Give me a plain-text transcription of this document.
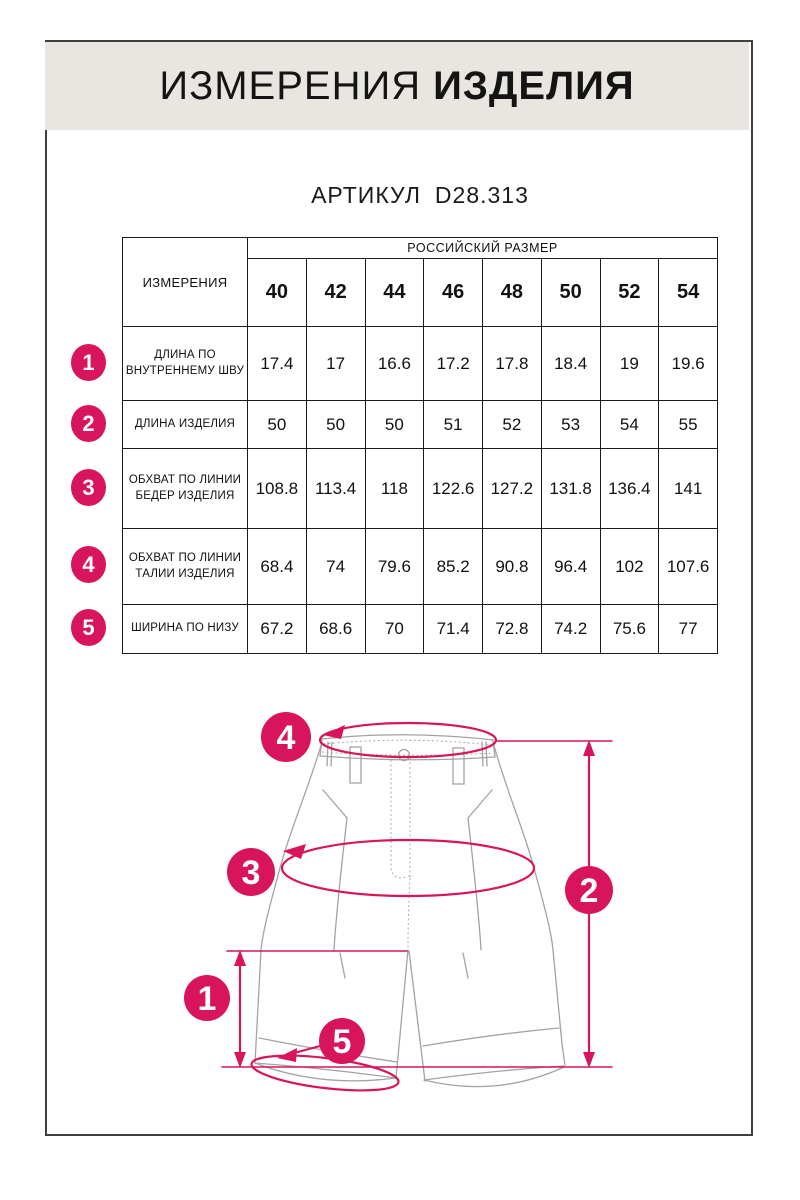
ИЗМЕРЕНИЯ ИЗДЕЛИЯ
АРТИКУЛ D28.313
ИЗМЕРЕНИЯ	РОССИЙСКИЙ РАЗМЕР							
	40	42	44	46	48	50	52	54
ДЛИНА ПО ВНУТРЕННЕМУ ШВУ	17.4	17	16.6	17.2	17.8	18.4	19	19.6
ДЛИНА ИЗДЕЛИЯ	50	50	50	51	52	53	54	55
ОБХВАТ ПО ЛИНИИ БЕДЕР ИЗДЕЛИЯ	108.8	113.4	118	122.6	127.2	131.8	136.4	141
ОБХВАТ ПО ЛИНИИ ТАЛИИ ИЗДЕЛИЯ	68.4	74	79.6	85.2	90.8	96.4	102	107.6
ШИРИНА ПО НИЗУ	67.2	68.6	70	71.4	72.8	74.2	75.6	77
1
2
3
4
5
4
3	2
1
5
